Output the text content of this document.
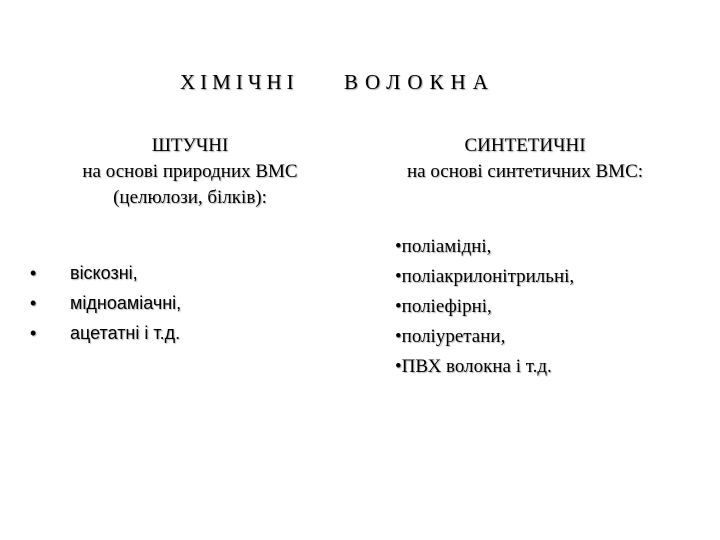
ХІМІЧНІ ВОЛОКНА
ШТУЧНІ
на основі природних ВМС
(целюлози, білків):
СИНТЕТИЧНІ
на основі синтетичних ВМС:
• віскозні,
• мідноаміачні,
• ацетатні і т.д.
•поліамідні,
•поліакрилонітрильні,
•поліефірні,
•поліуретани,
•ПВХ волокна і т.д.
